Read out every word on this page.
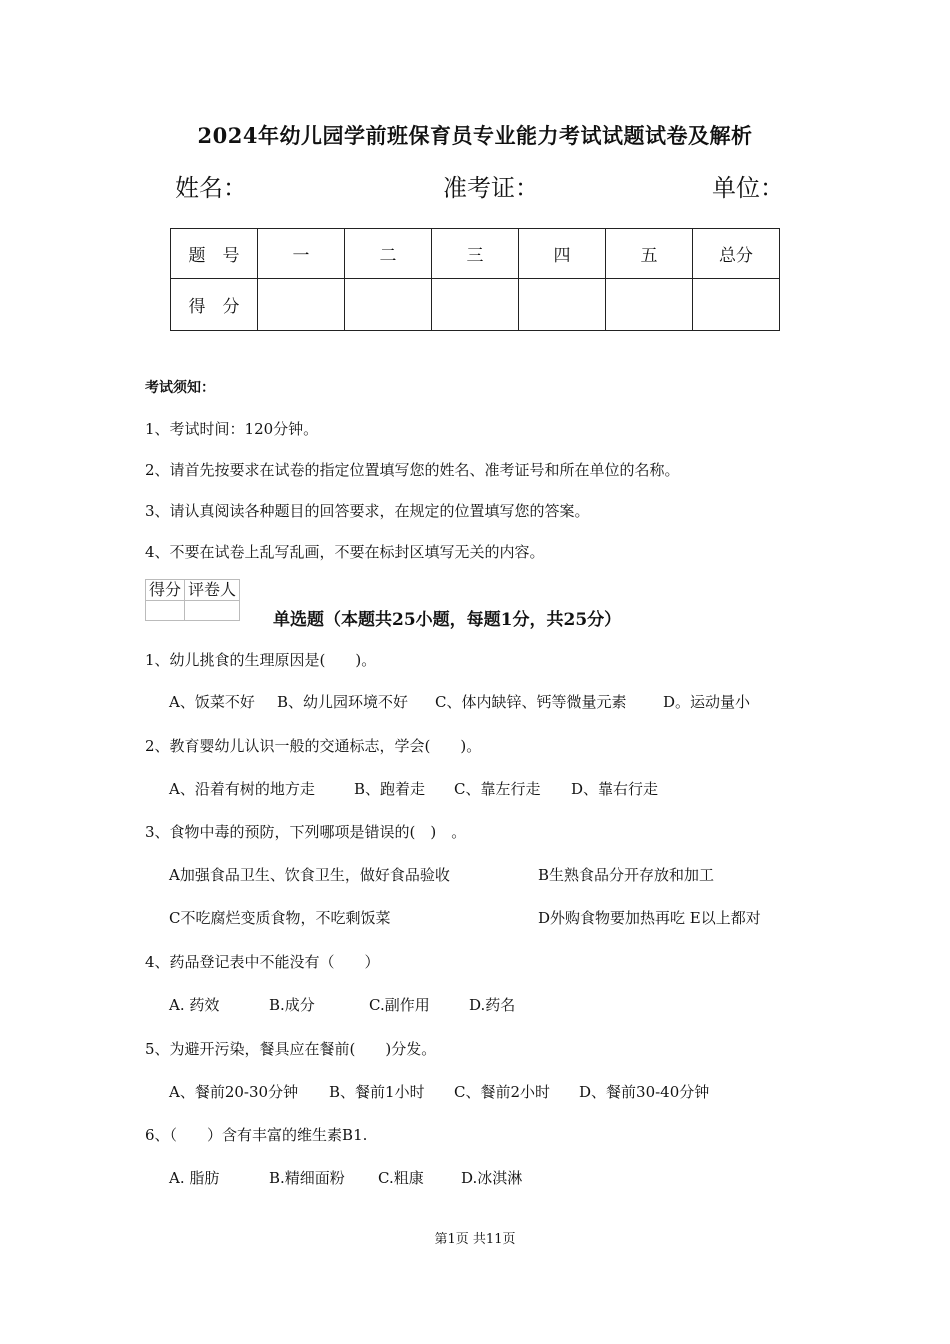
2024年幼儿园学前班保育员专业能力考试试题试卷及解析
姓名：	准考证：	单位：
题　号	一	二	三	四	五	总分
得　分						
考试须知：
1、考试时间：120分钟。
2、请首先按要求在试卷的指定位置填写您的姓名、准考证号和所在单位的名称。
3、请认真阅读各种题目的回答要求，在规定的位置填写您的答案。
4、不要在试卷上乱写乱画，不要在标封区填写无关的内容。
得分	评卷人

单选题（本题共25小题，每题1分，共25分）
1、幼儿挑食的生理原因是(　　)。
A、饭菜不好 B、幼儿园环境不好 C、体内缺锌、钙等微量元素 D。运动量小
2、教育婴幼儿认识一般的交通标志，学会(　　)。
A、沿着有树的地方走	B、跑着走 C、靠左行走 D、靠右行走
3、食物中毒的预防，下列哪项是错误的(　)　。
A加强食品卫生、饮食卫生，做好食品验收	B生熟食品分开存放和加工
C不吃腐烂变质食物，不吃剩饭菜	D外购食物要加热再吃 E以上都对
4、药品登记表中不能没有（　　）
A. 药效	B.成分	C.副作用	D.药名
5、为避开污染，餐具应在餐前(　　)分发。
A、餐前20-30分钟 B、餐前1小时 C、餐前2小时 D、餐前30-40分钟
6、（　　）含有丰富的维生素B1.
A. 脂肪	B.精细面粉 C.粗康 D.冰淇淋
第1页 共11页
